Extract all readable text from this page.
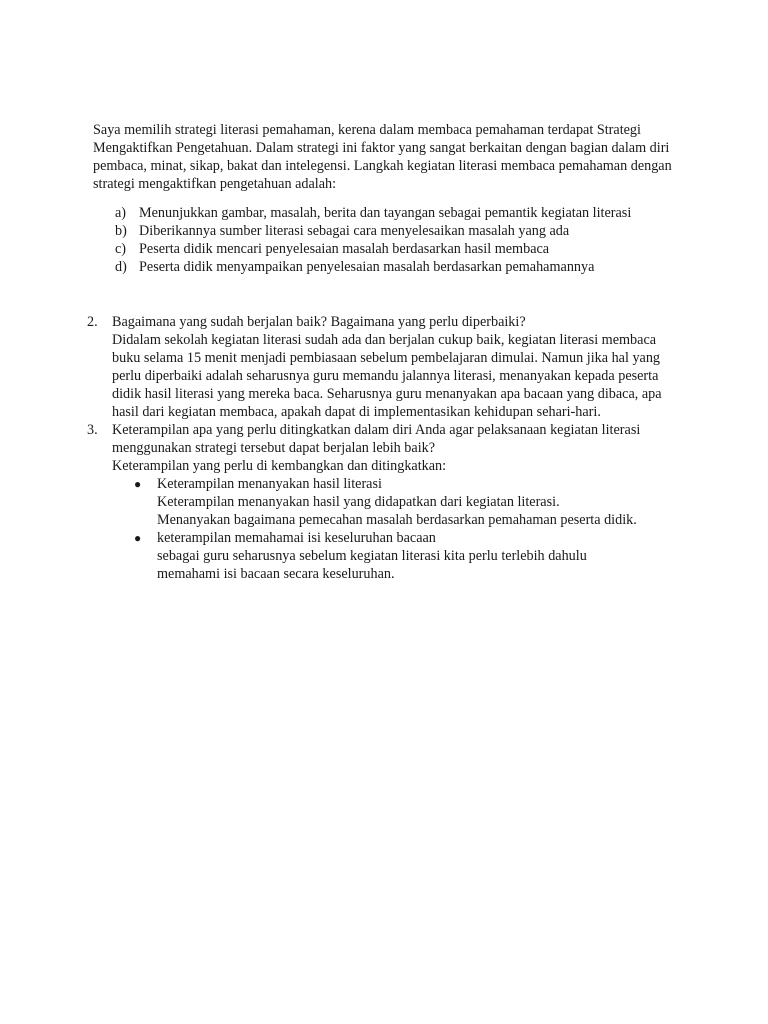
Saya memilih strategi literasi pemahaman, kerena dalam membaca pemahaman terdapat Strategi Mengaktifkan Pengetahuan. Dalam strategi ini faktor yang sangat berkaitan dengan bagian dalam diri pembaca, minat, sikap, bakat dan intelegensi. Langkah kegiatan literasi membaca pemahaman dengan strategi mengaktifkan pengetahuan adalah:

a) Menunjukkan gambar, masalah, berita dan tayangan sebagai pemantik kegiatan literasi
b) Diberikannya sumber literasi sebagai cara menyelesaikan masalah yang ada
c) Peserta didik mencari penyelesaian masalah berdasarkan hasil membaca
d) Peserta didik menyampaikan penyelesaian masalah berdasarkan pemahamannya
2. Bagaimana yang sudah berjalan baik? Bagaimana yang perlu diperbaiki?

Didalam sekolah kegiatan literasi sudah ada dan berjalan cukup baik, kegiatan literasi membaca buku selama 15 menit menjadi pembiasaan sebelum pembelajaran dimulai. Namun jika hal yang perlu diperbaiki adalah seharusnya guru memandu jalannya literasi, menanyakan kepada peserta didik hasil literasi yang mereka baca. Seharusnya guru menanyakan apa bacaan yang dibaca, apa hasil dari kegiatan membaca, apakah dapat di implementasikan kehidupan sehari-hari.

3. Keterampilan apa yang perlu ditingkatkan dalam diri Anda agar pelaksanaan kegiatan literasi menggunakan strategi tersebut dapat berjalan lebih baik?

Keterampilan yang perlu di kembangkan dan ditingkatkan:

● Keterampilan menanyakan hasil literasi

Keterampilan menanyakan hasil yang didapatkan dari kegiatan literasi.

Menanyakan bagaimana pemecahan masalah berdasarkan pemahaman peserta didik.

● keterampilan memahamai isi keseluruhan bacaan

sebagai guru seharusnya sebelum kegiatan literasi kita perlu terlebih dahulu memahami isi bacaan secara keseluruhan.
